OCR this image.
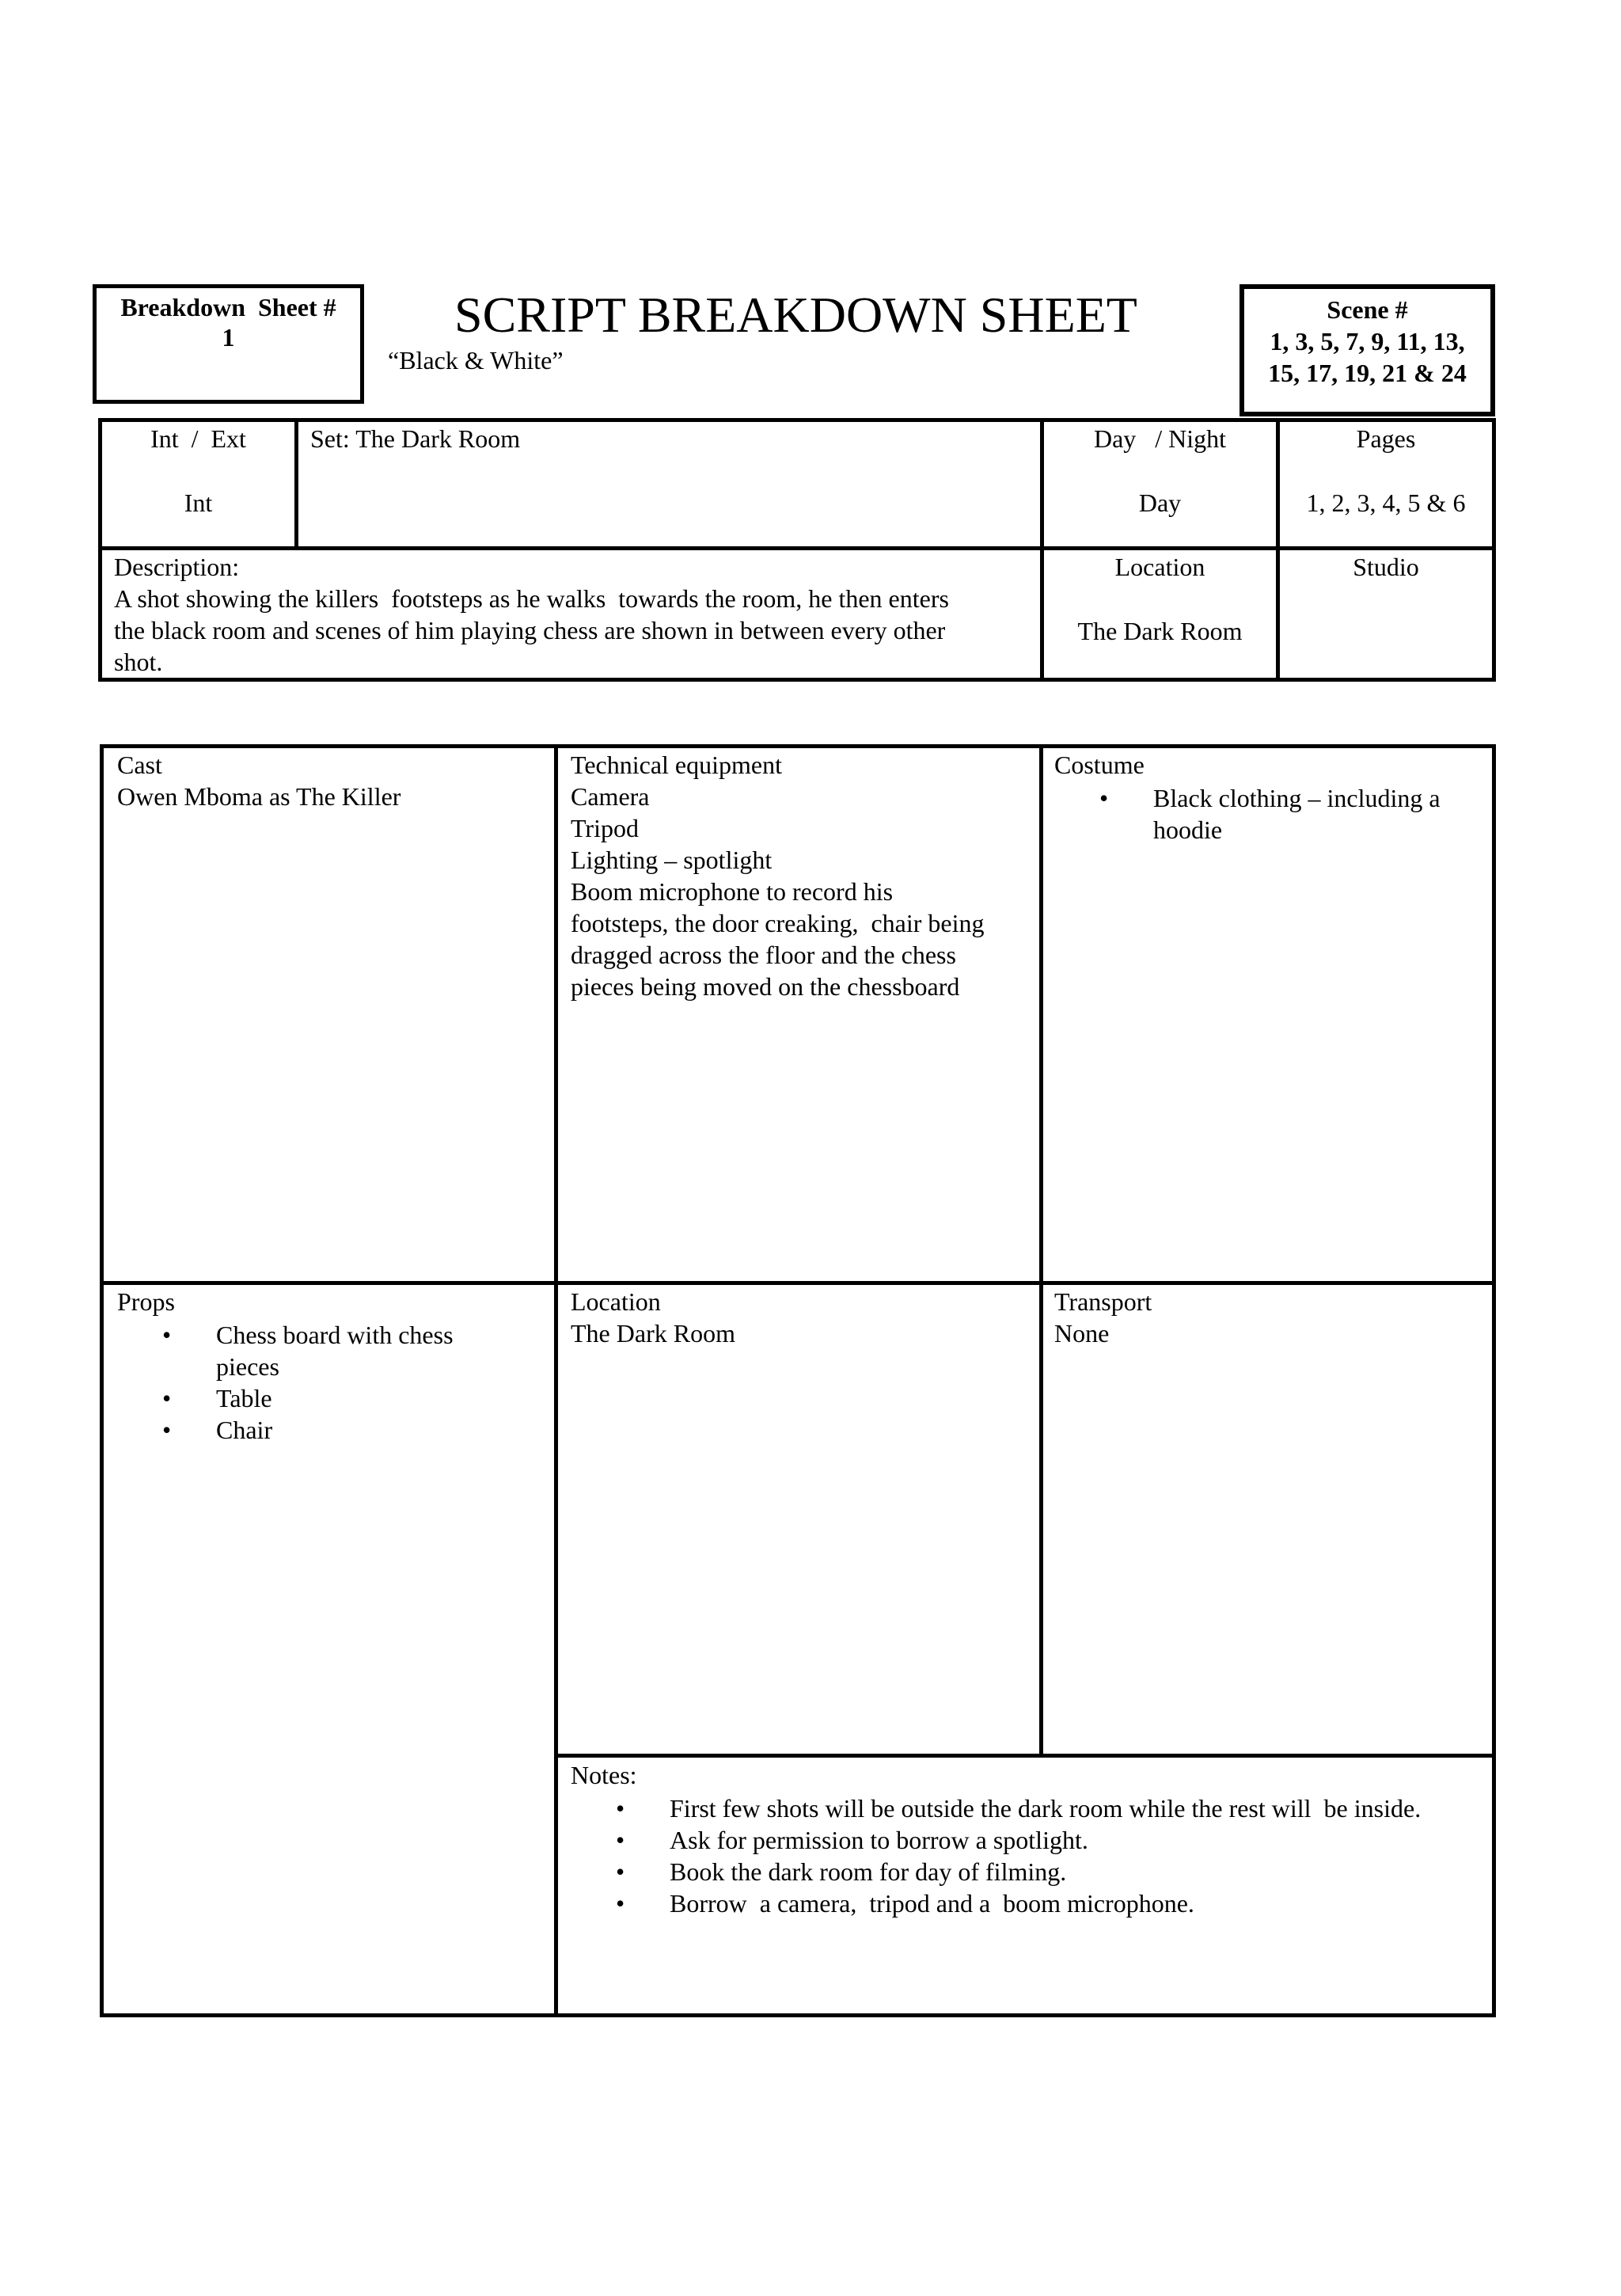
Breakdown  Sheet #
1	SCRIPT BREAKDOWN SHEET
“Black & White”
Scene #
1, 3, 5, 7, 9, 11, 13,
15, 17, 19, 21 & 24
Int  /  Ext
Int
Set: The Dark Room	Day   / Night
Day
Pages
1, 2, 3, 4, 5 & 6
Description:
A shot showing the killers  footsteps as he walks  towards the room, he then enters
the black room and scenes of him playing chess are shown in between every other
shot.
Location
The Dark Room
Studio
Cast
Owen Mboma as The Killer
Technical equipment
Camera
Tripod
Lighting – spotlight
Boom microphone to record his
footsteps, the door creaking,  chair being
dragged across the floor and the chess
pieces being moved on the chessboard
Costume
• Black clothing – including a
hoodie
Props
• Chess board with chess
pieces
• Table
• Chair
Location
The Dark Room
Transport
None
Notes:
• First few shots will be outside the dark room while the rest will  be inside.
• Ask for permission to borrow a spotlight.
• Book the dark room for day of filming.
• Borrow  a camera,  tripod and a  boom microphone.
